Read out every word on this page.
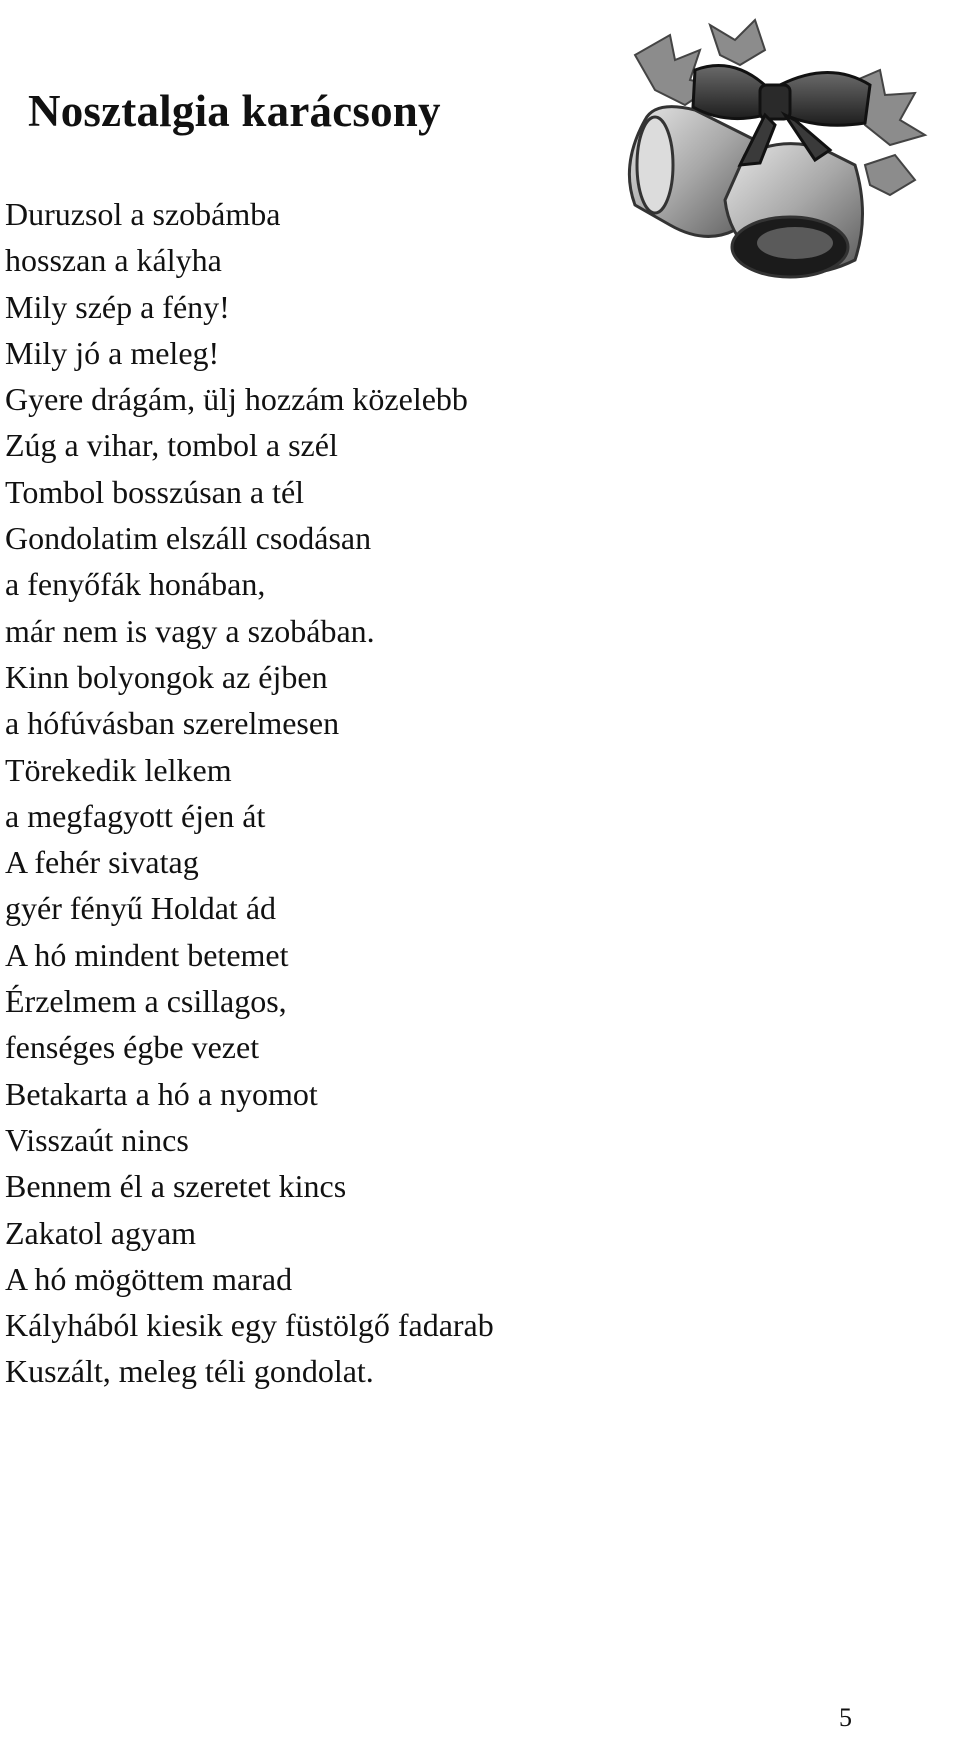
Nosztalgia karácsony
Duruzsol a szobámba
hosszan a kályha
Mily szép a fény!
Mily jó a meleg!
Gyere drágám, ülj hozzám közelebb
Zúg a vihar, tombol a szél
Tombol bosszúsan a tél
Gondolatim elszáll csodásan
a fenyőfák honában,
már nem is vagy a szobában.
Kinn bolyongok az éjben
a hófúvásban szerelmesen
Törekedik lelkem
a megfagyott éjen át
A fehér sivatag
gyér fényű Holdat ád
A hó mindent betemet
Érzelmem a csillagos,
fenséges égbe vezet
Betakarta a hó a nyomot
Visszaút nincs
Bennem él a szeretet kincs
Zakatol agyam
A hó mögöttem marad
Kályhából kiesik egy füstölgő fadarab
Kuszált, meleg téli gondolat.
5
